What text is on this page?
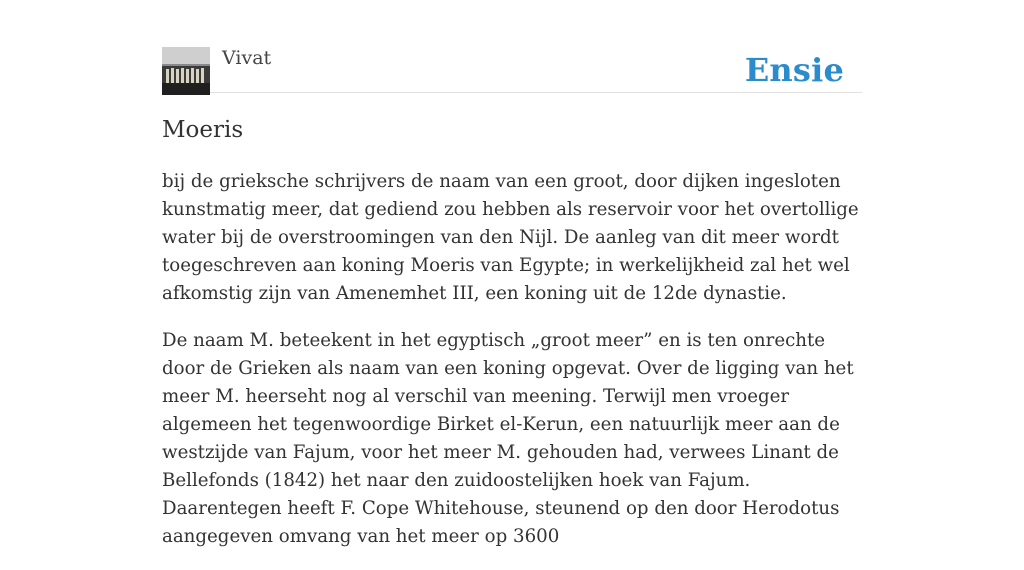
Vivat	Ensie
Moeris

bij de grieksche schrijvers de naam van een groot, door dijken ingesloten kunstmatig meer, dat gediend zou hebben als reservoir voor het overtollige water bij de overstroomingen van den Nijl. De aanleg van dit meer wordt toegeschreven aan koning Moeris van Egypte; in werkelijkheid zal het wel afkomstig zijn van Amenemhet III, een koning uit de 12de dynastie.

De naam M. beteekent in het egyptisch „groot meer” en is ten onrechte door de Grieken als naam van een koning opgevat. Over de ligging van het meer M. heerseht nog al verschil van meening. Terwijl men vroeger algemeen het tegenwoordige Birket el-Kerun, een natuurlijk meer aan de westzijde van Fajum, voor het meer M. gehouden had, verwees Linant de Bellefonds (1842) het naar den zuidoostelijken hoek van Fajum. Daarentegen heeft F. Cope Whitehouse, steunend op den door Herodotus aangegeven omvang van het meer op 3600
